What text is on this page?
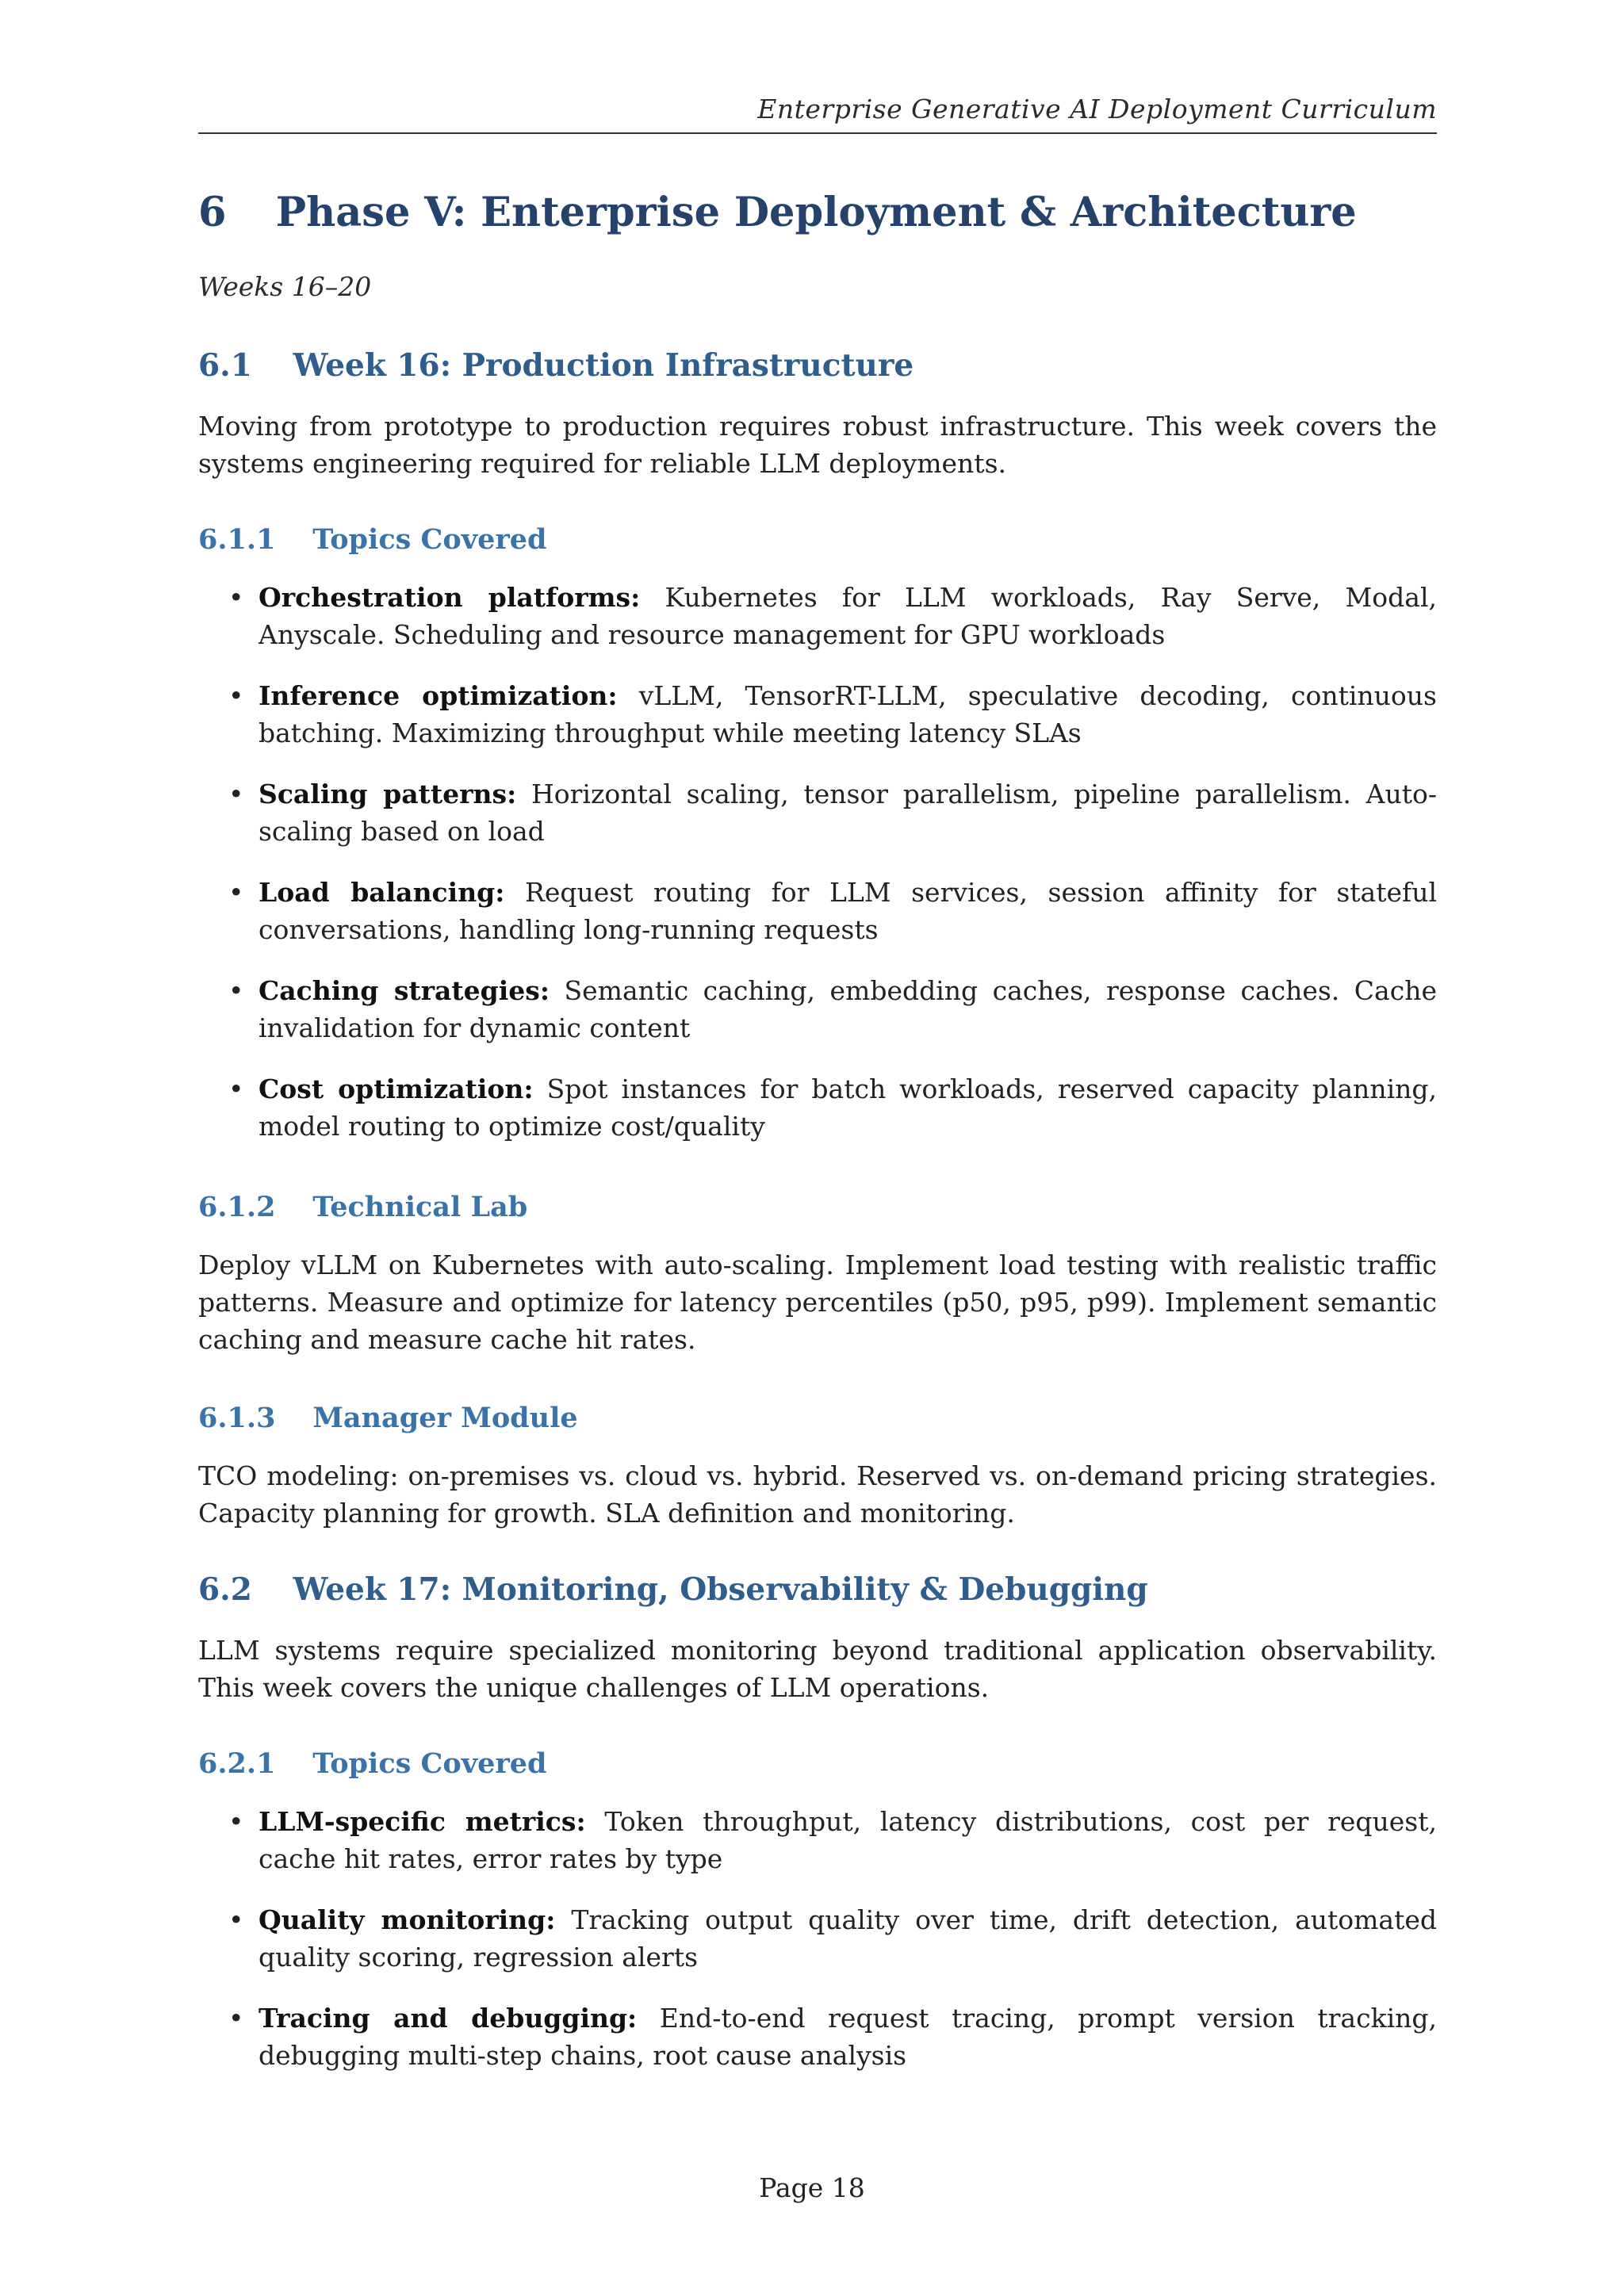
Enterprise Generative AI Deployment Curriculum
6 Phase V: Enterprise Deployment & Architecture

Weeks 16–20

6.1 Week 16: Production Infrastructure

Moving from prototype to production requires robust infrastructure. This week covers the systems engineering required for reliable LLM deployments.

6.1.1 Topics Covered
• Orchestration platforms: Kubernetes for LLM workloads, Ray Serve, Modal, Anyscale. Scheduling and resource management for GPU workloads
• Inference optimization: vLLM, TensorRT-LLM, speculative decoding, continuous batching. Maximizing throughput while meeting latency SLAs
• Scaling patterns: Horizontal scaling, tensor parallelism, pipeline parallelism. Auto-scaling based on load
• Load balancing: Request routing for LLM services, session affinity for stateful conversations, handling long-running requests
• Caching strategies: Semantic caching, embedding caches, response caches. Cache invalidation for dynamic content
• Cost optimization: Spot instances for batch workloads, reserved capacity planning, model routing to optimize cost/quality
6.1.2 Technical Lab

Deploy vLLM on Kubernetes with auto-scaling. Implement load testing with realistic traffic patterns. Measure and optimize for latency percentiles (p50, p95, p99). Implement semantic caching and measure cache hit rates.

6.1.3 Manager Module

TCO modeling: on-premises vs. cloud vs. hybrid. Reserved vs. on-demand pricing strategies. Capacity planning for growth. SLA definition and monitoring.

6.2 Week 17: Monitoring, Observability & Debugging

LLM systems require specialized monitoring beyond traditional application observability. This week covers the unique challenges of LLM operations.

6.2.1 Topics Covered
• LLM-specific metrics: Token throughput, latency distributions, cost per request, cache hit rates, error rates by type
• Quality monitoring: Tracking output quality over time, drift detection, automated quality scoring, regression alerts
• Tracing and debugging: End-to-end request tracing, prompt version tracking, debugging multi-step chains, root cause analysis
Page 18
